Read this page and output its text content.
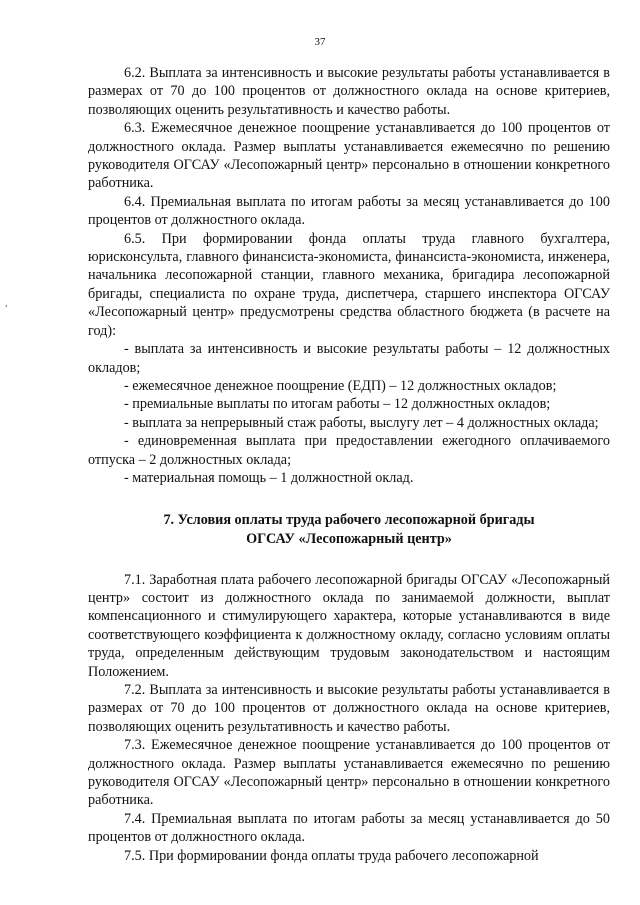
37
,

6.2. Выплата за интенсивность и высокие результаты работы устанавливается в размерах от 70 до 100 процентов от должностного оклада на основе критериев, позволяющих оценить результативность и качество работы.

6.3. Ежемесячное денежное поощрение устанавливается до 100 процентов от должностного оклада. Размер выплаты устанавливается ежемесячно по решению руководителя ОГСАУ «Лесопожарный центр» персонально в отношении конкретного работника.

6.4. Премиальная выплата по итогам работы за месяц устанавливается до 100 процентов от должностного оклада.

6.5. При формировании фонда оплаты труда главного бухгалтера, юрисконсульта, главного финансиста-экономиста, финансиста-экономиста, инженера, начальника лесопожарной станции, главного механика, бригадира лесопожарной бригады, специалиста по охране труда, диспетчера, старшего инспектора ОГСАУ «Лесопожарный центр» предусмотрены средства областного бюджета (в расчете на год):

- выплата за интенсивность и высокие результаты работы – 12 должностных окладов;

- ежемесячное денежное поощрение (ЕДП) – 12 должностных окладов;

- премиальные выплаты по итогам работы – 12 должностных окладов;

- выплата за непрерывный стаж работы, выслугу лет – 4 должностных оклада;

- единовременная выплата при предоставлении ежегодного оплачиваемого отпуска – 2 должностных оклада;

- материальная помощь – 1 должностной оклад.

7. Условия оплаты труда рабочего лесопожарной бригады
ОГСАУ «Лесопожарный центр»

7.1. Заработная плата рабочего лесопожарной бригады ОГСАУ «Лесопожарный центр» состоит из должностного оклада по занимаемой должности, выплат компенсационного и стимулирующего характера, которые устанавливаются в виде соответствующего коэффициента к должностному окладу, согласно условиям оплаты труда, определенным действующим трудовым законодательством и настоящим Положением.

7.2. Выплата за интенсивность и высокие результаты работы устанавливается в размерах от 70 до 100 процентов от должностного оклада на основе критериев, позволяющих оценить результативность и качество работы.

7.3. Ежемесячное денежное поощрение устанавливается до 100 процентов от должностного оклада. Размер выплаты устанавливается ежемесячно по решению руководителя ОГСАУ «Лесопожарный центр» персонально в отношении конкретного работника.

7.4. Премиальная выплата по итогам работы за месяц устанавливается до 50 процентов от должностного оклада.

7.5. При формировании фонда оплаты труда рабочего лесопожарной
